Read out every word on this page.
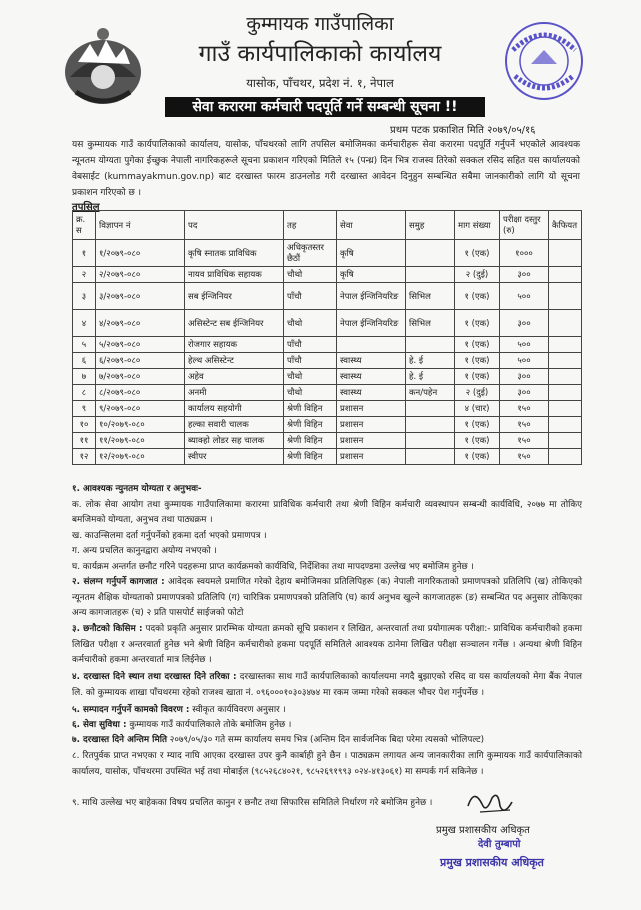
कुम्मायक गाउँपालिका
गाउँ कार्यपालिकाको कार्यालय
यासोक, पाँचथर, प्रदेश नं. १, नेपाल
सेवा करारमा कर्मचारी पदपूर्ति गर्ने सम्बन्धी सूचना !!
प्रथम पटक प्रकाशित मिति २०७९/०५/१६
यस कुम्मायक गाउँ कार्यपालिकाको कार्यालय, यासोक, पाँचथरको लागि तपसिल बमोजिमका कर्मचारीहरू सेवा करारमा पदपूर्ति गर्नुपर्ने भएकोले आवश्यक न्यूनतम योग्यता पुगेका ईच्छुक नेपाली नागरिकहरूले सूचना प्रकाशन गरिएको मितिले १५ (पन्ध्र) दिन भित्र राजस्व तिरेको सक्कल रसिद सहित यस कार्यालयको वेबसाईट (kummayakmun.gov.np) बाट दरखास्त फारम डाउनलोड गरी दरखास्त आवेदन दिनुहुन सम्बन्धित सबैमा जानकारीको लागि यो सूचना प्रकाशन गरिएको छ ।
तपसिल
क्र. स	विज्ञापन नं	पद	तह	सेवा	समुह	माग संख्या	परीक्षा दस्तुर (रु)	कैफियत
१	१/२०७९-०८०	कृषि स्नातक प्राविधिक	अधिकृतस्तर छैठौं	कृषि		१ (एक)	१०००	
२	२/२०७९-०८०	नायव प्राविधिक सहायक	चौथो	कृषि		२ (दुई)	३००	
३	३/२०७९-०८०	सब ईन्जिनियर	पाँचौ	नेपाल ईन्जिनियरिङ	सिभिल	१ (एक)	५००	
४	४/२०७९-०८०	असिस्टेन्ट सब ईन्जिनियर	चौथो	नेपाल ईन्जिनियरिङ	सिभिल	१ (एक)	३००	
५	५/२०७९-०८०	रोजगार सहायक	पाँचौ			१ (एक)	५००	
६	६/२०७९-०८०	हेल्थ असिस्टेन्ट	पाँचौ	स्वास्थ्य	हे. ई	१ (एक)	५००	
७	७/२०७९-०८०	अहेव	चौथो	स्वास्थ्य	हे. ई	१ (एक)	३००	
८	८/२०७९-०८०	अनमी	चौथो	स्वास्थ्य	कन/पहेन	२ (दुई)	३००	
९	९/२०७९-०८०	कार्यालय सहयोगी	श्रेणी विहिन	प्रशासन		४ (चार)	१५०	
१०	१०/२०७९-०८०	हल्का सवारी चालक	श्रेणी विहिन	प्रशासन		१ (एक)	१५०	
११	११/२०७९-०८०	ब्याक्हो लोडर सह चालक	श्रेणी विहिन	प्रशासन		१ (एक)	१५०	
१२	१२/२०७९-०८०	स्वीपर	श्रेणी विहिन	प्रशासन		१ (एक)	१५०	
१. आवश्यक न्युनतम योग्यता र अनुभवः-
क. लोक सेवा आयोग तथा कुम्मायक गाउँपालिकामा करारमा प्राविधिक कर्मचारी तथा श्रेणी विहिन कर्मचारी व्यवस्थापन सम्बन्धी कार्यविधि, २०७७ मा तोकिए बमजिमको योग्यता, अनुभव तथा पाठ्यक्रम ।
ख. काउन्सिलमा दर्ता गर्नुपर्नेको हकमा दर्ता भएको प्रमाणपत्र ।
ग. अन्य प्रचलित कानुनद्वारा अयोग्य नभएको ।
घ. कार्यक्रम अन्तर्गत छनौट गरिने पदहरूमा प्राप्त कार्यक्रमको कार्यविधि, निर्देशिका तथा मापदण्डमा उल्लेख भए बमोजिम हुनेछ ।
२. संलग्न गर्नुपर्ने कागजात : आवेदक स्वयमले प्रमाणित गरेको देहाय बमोजिमका प्रतिलिपिहरू (क) नेपाली नागरिकताको प्रमाणपत्रको प्रतिलिपि (ख) तोकिएको न्यूनतम शैक्षिक योग्यताको प्रमाणपत्रको प्रतिलिपि (ग) चारित्रिक प्रमाणपत्रको प्रतिलिपि (घ) कार्य अनुभव खुल्ने कागजातहरू (ङ) सम्बन्धित पद अनुसार तोकिएका अन्य कागजातहरू (च) २ प्रति पासपोर्ट साईजको फोटो
३. छनौटको किसिम : पदको प्रकृति अनुसार प्रारम्भिक योग्यता क्रमको सूचि प्रकाशन र लिखित, अन्तरवार्ता तथा प्रयोगात्मक परीक्षा:- प्राविधिक कर्मचारीको हकमा लिखित परीक्षा र अन्तरवार्ता हुनेछ भने श्रेणी विहिन कर्मचारीको हकमा पदपूर्ति समितिले आवश्यक ठानेमा लिखित परीक्षा सञ्चालन गर्नेछ । अन्यथा श्रेणी विहिन कर्मचारीको हकमा अन्तरवार्ता मात्र लिईनेछ ।
४. दरखास्त दिने स्थान तथा दरखास्त दिने तरिका : दरखास्तका साथ गाउँ कार्यपालिकाको कार्यालयमा नगदै बुझाएको रसिद वा यस कार्यालयको मेगा बैंक नेपाल लि. को कुम्मायक शाखा पाँचथरमा रहेको राजश्व खाता नं. ०९६०००१०३०३४७४ मा रकम जम्मा गरेको सक्कल भौचर पेश गर्नुपर्नेछ ।
५. सम्पादन गर्नुपर्ने कामको विवरण : स्वीकृत कार्यविवरण अनुसार ।
६. सेवा सुविधा : कुम्मायक गाउँ कार्यपालिकाले तोके बमोजिम हुनेछ ।
७. दरखास्त दिने अन्तिम मिति २०७९/०५/३० गते सम्म कार्यालय समय भित्र (अन्तिम दिन सार्वजनिक बिदा परेमा त्यसको भोलिपल्ट)
८. रितपुर्वक प्राप्त नभएका र म्याद नाघि आएका दरखास्त उपर कुनै कार्बाही हुने छैन । पाठ्यक्रम लगायत अन्य जानकारीका लागि कुम्मायक गाउँ कार्यपालिकाको कार्यालय, यासोक, पाँचथरमा उपस्थित भई तथा मोबाईल (९८५२६८४०२१, ९८५२६९१९९३ ०२४-४१३०६१) मा सम्पर्क गर्न सकिनेछ ।
९. माथि उल्लेख भए बाहेकका विषय प्रचलित कानुन र छनौट तथा सिफारिस समितिले निर्धारण गरे बमोजिम हुनेछ ।
प्रमुख प्रशासकीय अधिकृत
देवी तुम्बापो
प्रमुख प्रशासकीय अधिकृत
